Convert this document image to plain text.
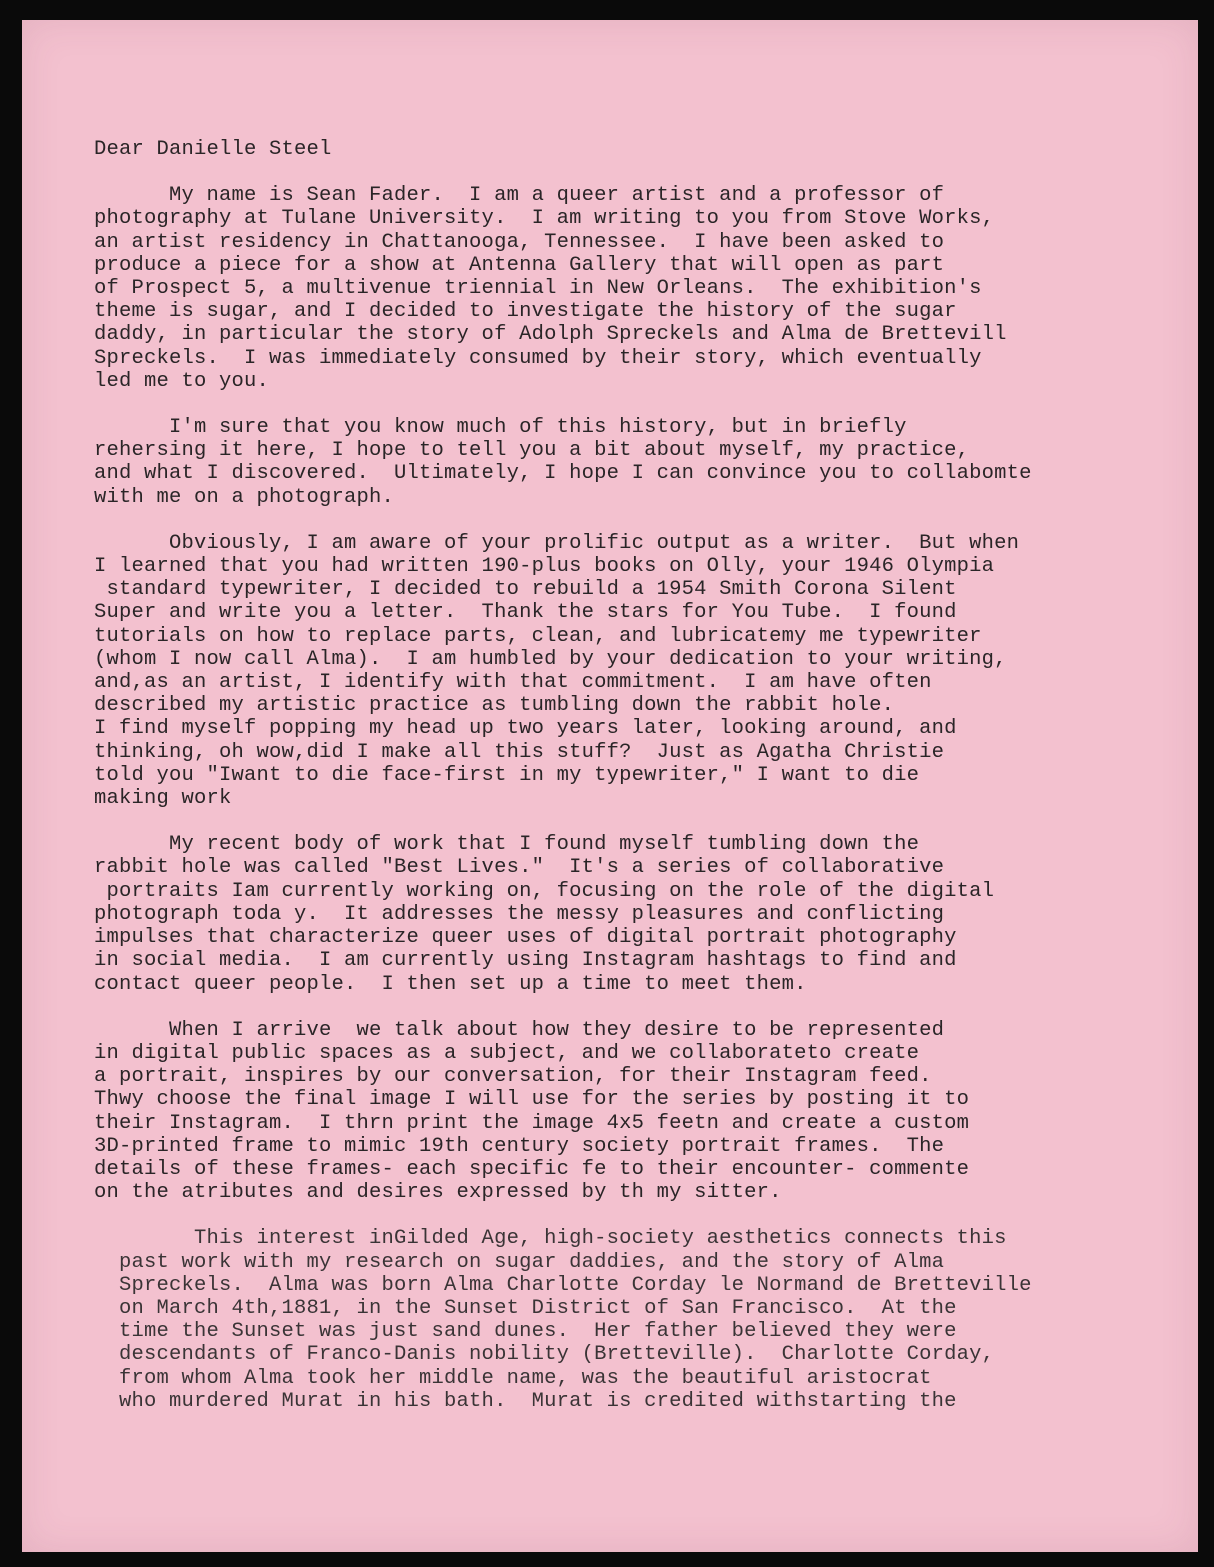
Dear Danielle Steel
My name is Sean Fader.  I am a queer artist and a professor of
photography at Tulane University.  I am writing to you from Stove Works,
an artist residency in Chattanooga, Tennessee.  I have been asked to
produce a piece for a show at Antenna Gallery that will open as part
of Prospect 5, a multivenue triennial in New Orleans.  The exhibition's
theme is sugar, and I decided to investigate the history of the sugar
daddy, in particular the story of Adolph Spreckels and Alma de Brettevill
Spreckels.  I was immediately consumed by their story, which eventually
led me to you.
I'm sure that you know much of this history, but in briefly
rehersing it here, I hope to tell you a bit about myself, my practice,
and what I discovered.  Ultimately, I hope I can convince you to collabomte
with me on a photograph.
Obviously, I am aware of your prolific output as a writer.  But when
I learned that you had written 190-plus books on Olly, your 1946 Olympia
standard typewriter, I decided to rebuild a 1954 Smith Corona Silent
Super and write you a letter.  Thank the stars for You Tube.  I found
tutorials on how to replace parts, clean, and lubricatemy me typewriter
(whom I now call Alma).  I am humbled by your dedication to your writing,
and,as an artist, I identify with that commitment.  I am have often
described my artistic practice as tumbling down the rabbit hole.
I find myself popping my head up two years later, looking around, and
thinking, oh wow,did I make all this stuff?  Just as Agatha Christie
told you "Iwant to die face-first in my typewriter," I want to die
making work
My recent body of work that I found myself tumbling down the
rabbit hole was called "Best Lives."  It's a series of collaborative
portraits Iam currently working on, focusing on the role of the digital
photograph toda y.  It addresses the messy pleasures and conflicting
impulses that characterize queer uses of digital portrait photography
in social media.  I am currently using Instagram hashtags to find and
contact queer people.  I then set up a time to meet them.
When I arrive  we talk about how they desire to be represented
in digital public spaces as a subject, and we collaborateto create
a portrait, inspires by our conversation, for their Instagram feed.
Thwy choose the final image I will use for the series by posting it to
their Instagram.  I thrn print the image 4x5 feetn and create a custom
3D-printed frame to mimic 19th century society portrait frames.  The
details of these frames- each specific fe to their encounter- commente
on the atributes and desires expressed by th my sitter.
This interest inGilded Age, high-society aesthetics connects this
past work with my research on sugar daddies, and the story of Alma
Spreckels.  Alma was born Alma Charlotte Corday le Normand de Bretteville
on March 4th,1881, in the Sunset District of San Francisco.  At the
time the Sunset was just sand dunes.  Her father believed they were
descendants of Franco-Danis nobility (Bretteville).  Charlotte Corday,
from whom Alma took her middle name, was the beautiful aristocrat
who murdered Murat in his bath.  Murat is credited withstarting the
